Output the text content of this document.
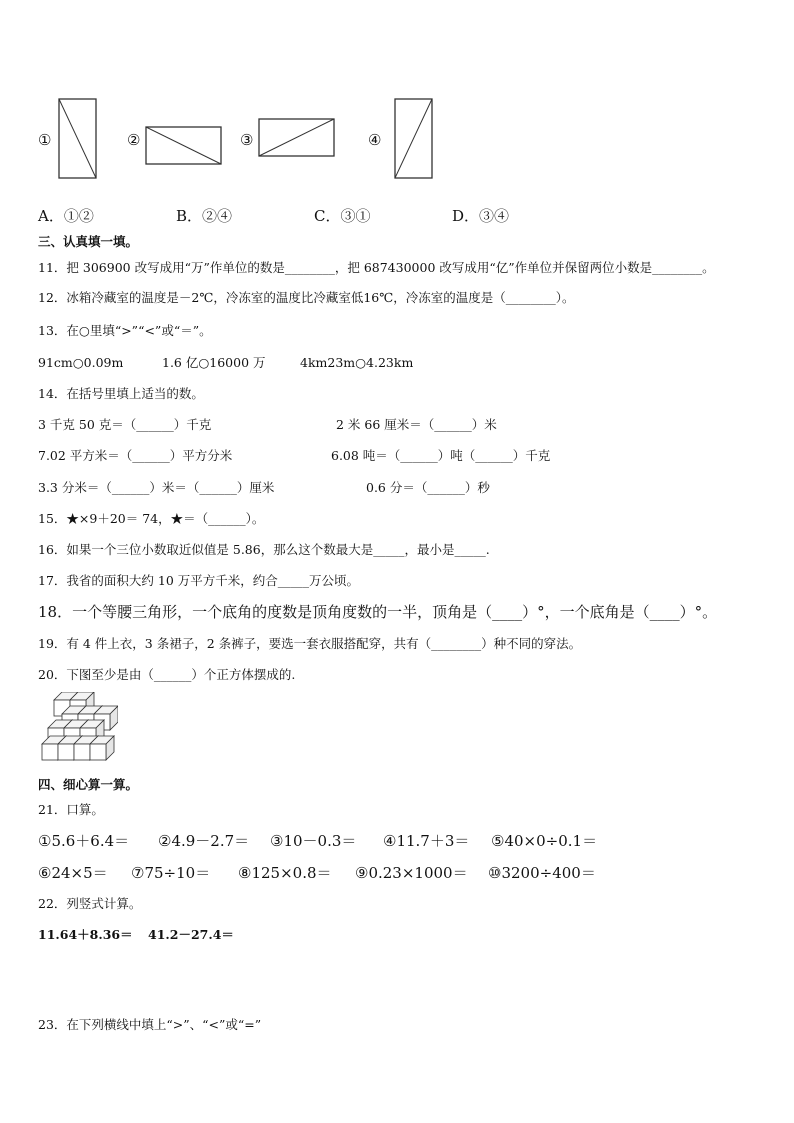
①	②	③	④
A．①②	B．②④	C．③①	D．③④
三、认真填一填。
11．把 306900 改写成用“万”作单位的数是________，把 687430000 改写成用“亿”作单位并保留两位小数是________。
12．冰箱冷藏室的温度是－2℃，冷冻室的温度比冷藏室低16℃，冷冻室的温度是（________）。
13．在○里填“>”“<”或“＝”。
91cm○0.09m	1.6 亿○16000 万	4km23m○4.23km
14．在括号里填上适当的数。
3 千克 50 克＝（______）千克	2 米 66 厘米＝（______）米
7.02 平方米＝（______）平方分米	6.08 吨＝（______）吨（______）千克
3.3 分米＝（______）米＝（______）厘米	0.6 分＝（______）秒
15．★×9＋20＝ 74，★＝（______）。
16．如果一个三位小数取近似值是 5.86，那么这个数最大是_____，最小是_____.
17．我省的面积大约 10 万平方千米，约合_____万公顷。
18．一个等腰三角形，一个底角的度数是顶角度数的一半，顶角是（____）°，一个底角是（____）°。
19．有 4 件上衣，3 条裙子，2 条裤子，要选一套衣服搭配穿，共有（________）种不同的穿法。
20．下图至少是由（______）个正方体摆成的.
四、细心算一算。
21．口算。
①5.6＋6.4＝ ②4.9－2.7＝ ③10－0.3＝ ④11.7＋3＝ ⑤40×0÷0.1＝
⑥24×5＝ ⑦75÷10＝ ⑧125×0.8＝ ⑨0.23×1000＝ ⑩3200÷400＝
22．列竖式计算。
11.64＋8.36＝ 41.2－27.4＝
23．在下列横线中填上“>”、“<”或“=”
